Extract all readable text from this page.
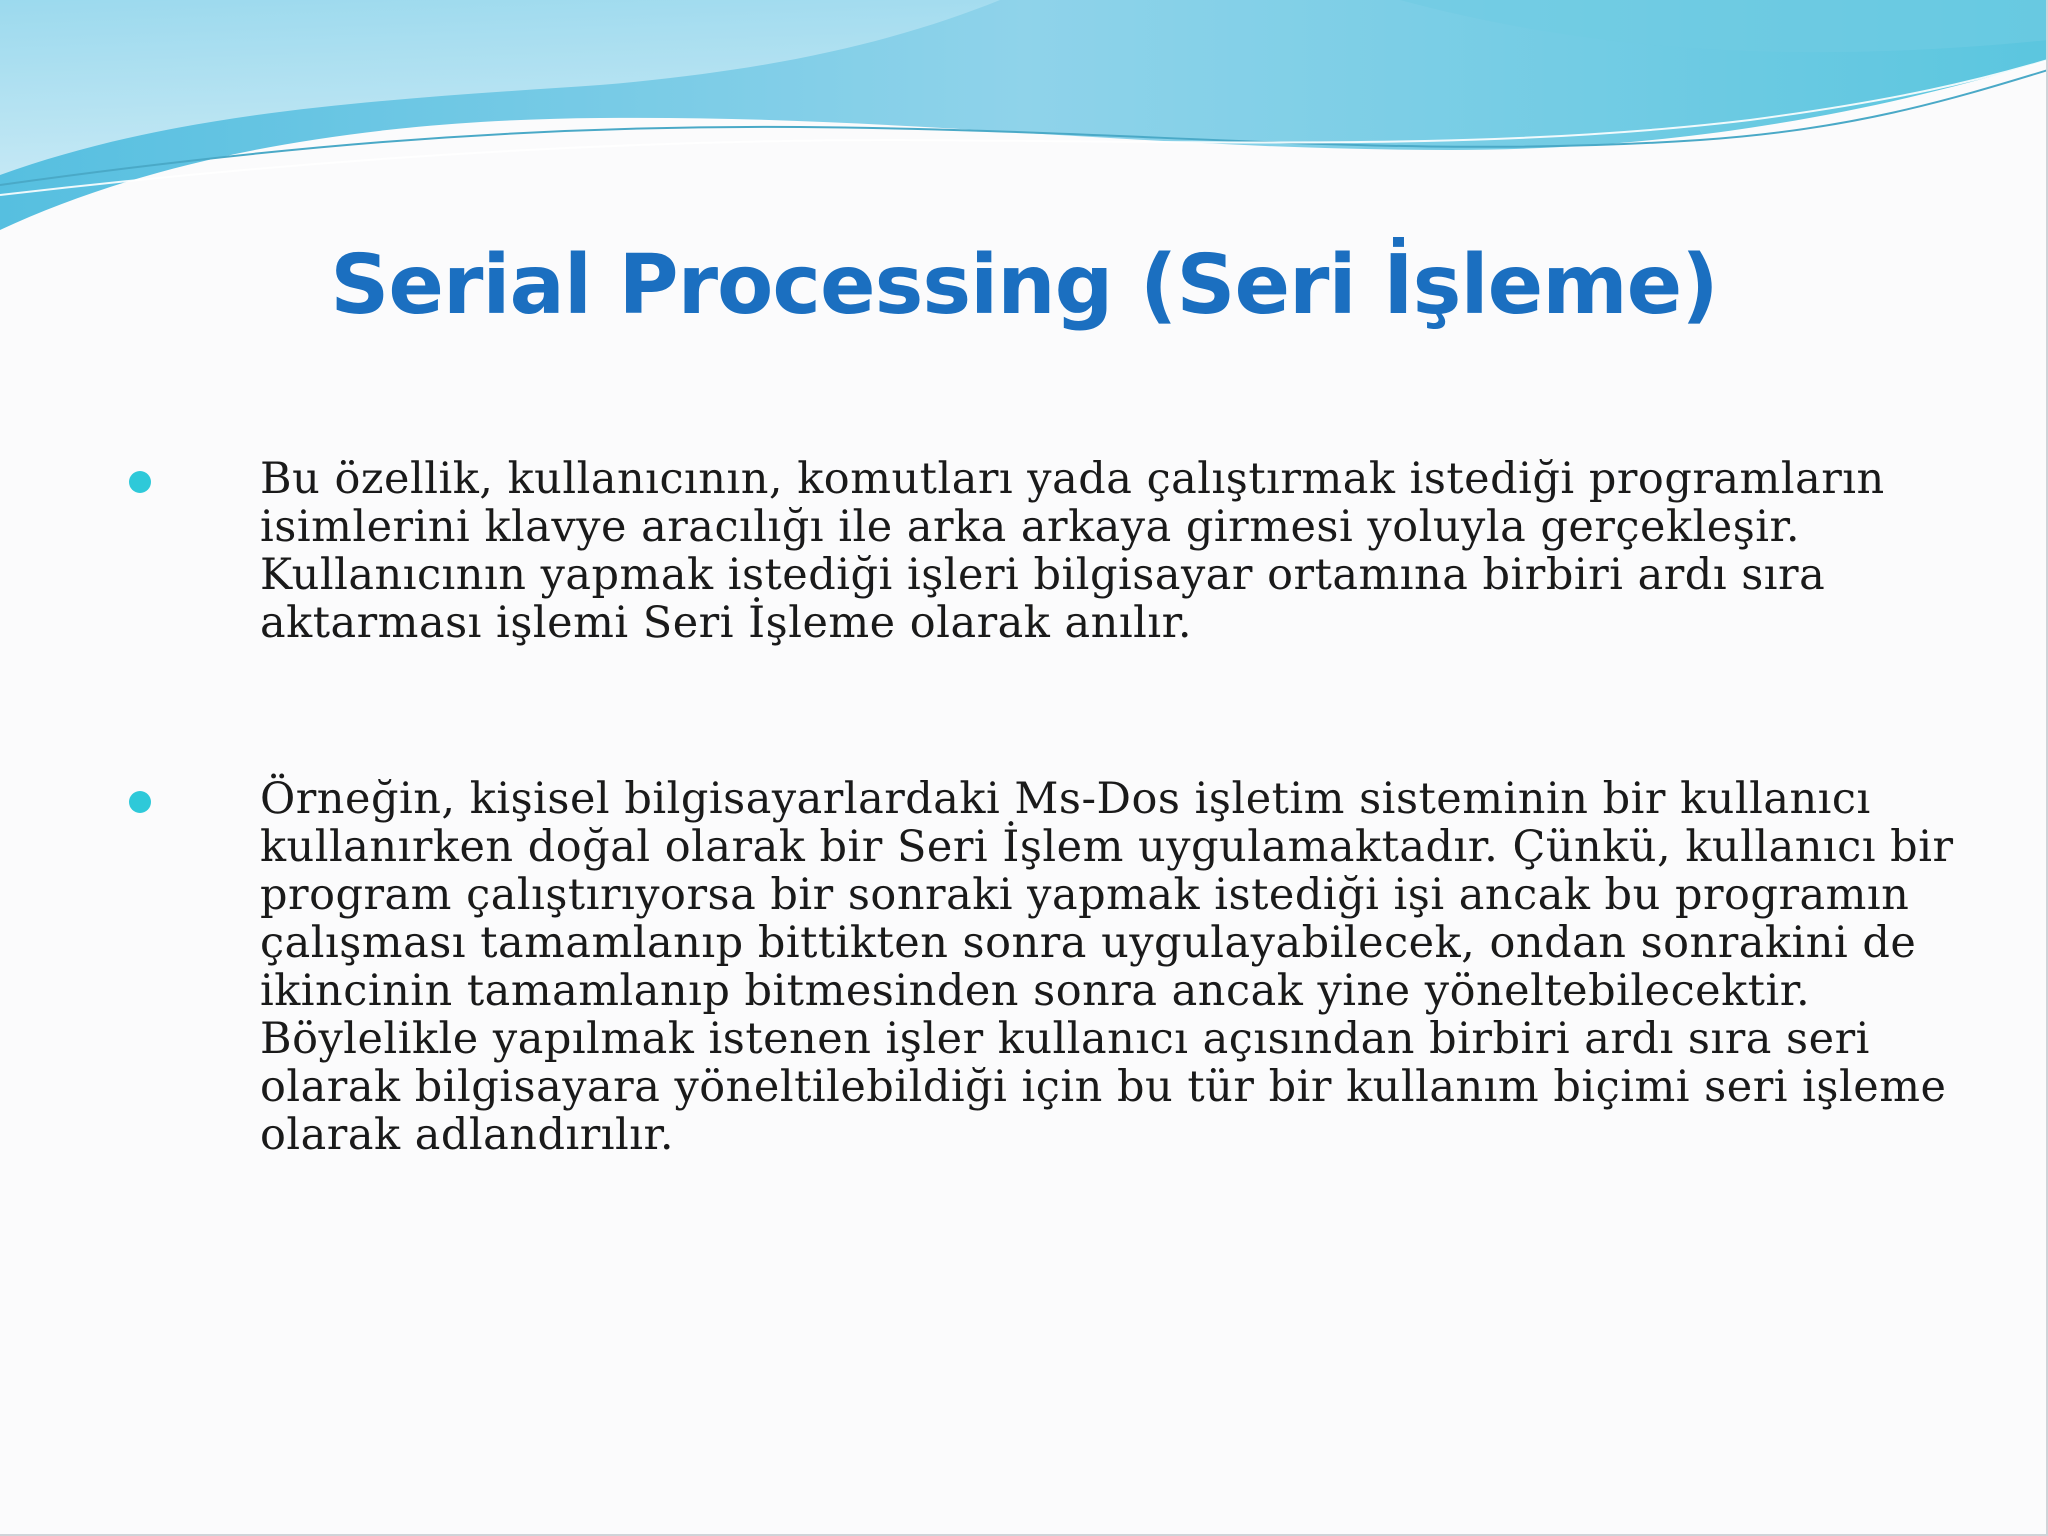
Serial Processing (Seri İşleme)
Bu özellik, kullanıcının, komutları yada çalıştırmak istediği programların isimlerini klavye aracılığı ile arka arkaya girmesi yoluyla gerçekleşir. Kullanıcının yapmak istediği işleri bilgisayar ortamına birbiri ardı sıra aktarması işlemi Seri İşleme olarak anılır.
Örneğin, kişisel bilgisayarlardaki Ms-Dos işletim sisteminin bir kullanıcı kullanırken doğal olarak bir Seri İşlem uygulamaktadır. Çünkü, kullanıcı bir program çalıştırıyorsa bir sonraki yapmak istediği işi ancak bu programın çalışması tamamlanıp bittikten sonra uygulayabilecek, ondan sonrakini de ikincinin tamamlanıp bitmesinden sonra ancak yine yöneltebilecektir. Böylelikle yapılmak istenen işler kullanıcı açısından birbiri ardı sıra seri olarak bilgisayara yöneltilebildiği için bu tür bir kullanım biçimi seri işleme olarak adlandırılır.
